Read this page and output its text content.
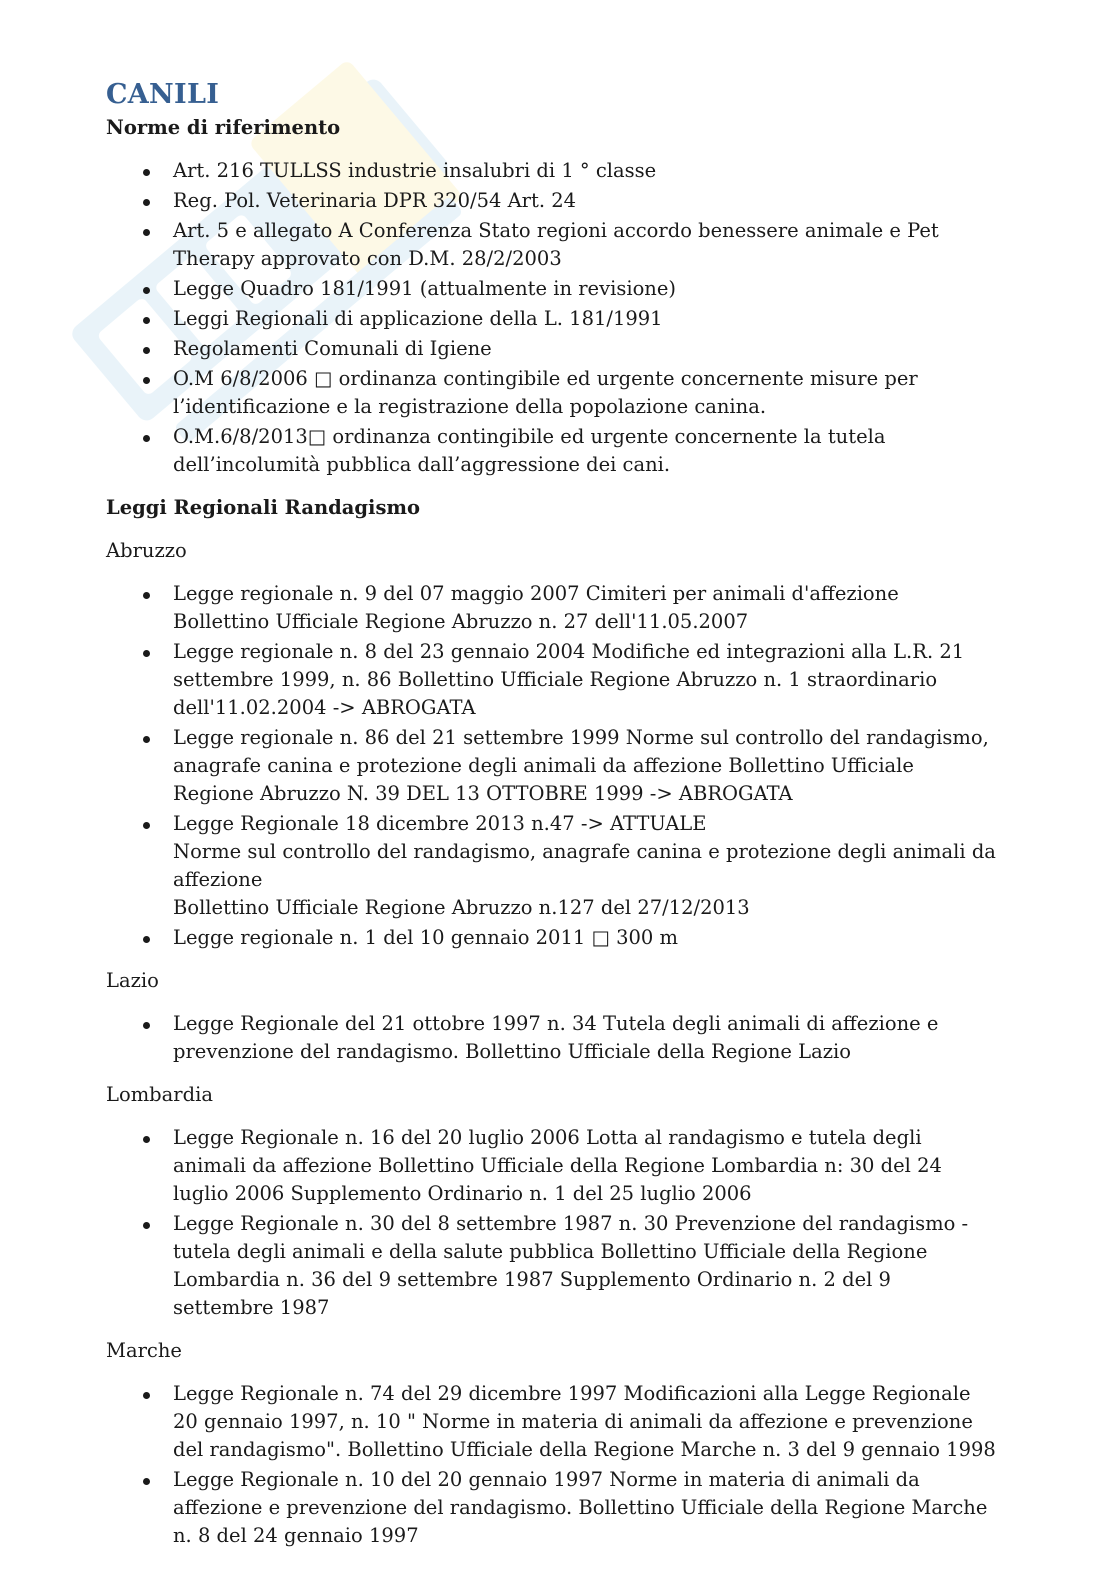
CANILI
Norme di riferimento
Art. 216 TULLSS industrie insalubri di 1 ° classe
Reg. Pol. Veterinaria DPR 320/54 Art. 24
Art. 5 e allegato A Conferenza Stato regioni accordo benessere animale e Pet Therapy approvato con D.M. 28/2/2003
Legge Quadro 181/1991 (attualmente in revisione)
Leggi Regionali di applicazione della L. 181/1991
Regolamenti Comunali di Igiene
O.M 6/8/2006 □ ordinanza contingibile ed urgente concernente misure per l’identificazione e la registrazione della popolazione canina.
O.M.6/8/2013□ ordinanza contingibile ed urgente concernente la tutela dell’incolumità pubblica dall’aggressione dei cani.
Leggi Regionali Randagismo
Abruzzo
Legge regionale n. 9 del 07 maggio 2007 Cimiteri per animali d'affezione Bollettino Ufficiale Regione Abruzzo n. 27 dell'11.05.2007
Legge regionale n. 8 del 23 gennaio 2004 Modifiche ed integrazioni alla L.R. 21 settembre 1999, n. 86 Bollettino Ufficiale Regione Abruzzo n. 1 straordinario dell'11.02.2004 -> ABROGATA
Legge regionale n. 86 del 21 settembre 1999 Norme sul controllo del randagismo, anagrafe canina e protezione degli animali da affezione Bollettino Ufficiale Regione Abruzzo N. 39 DEL 13 OTTOBRE 1999 -> ABROGATA
Legge Regionale 18 dicembre 2013 n.47 -> ATTUALE
Norme sul controllo del randagismo, anagrafe canina e protezione degli animali da affezione
Bollettino Ufficiale Regione Abruzzo n.127 del 27/12/2013
Legge regionale n. 1 del 10 gennaio 2011 □ 300 m
Lazio
Legge Regionale del 21 ottobre 1997 n. 34 Tutela degli animali di affezione e prevenzione del randagismo. Bollettino Ufficiale della Regione Lazio
Lombardia
Legge Regionale n. 16 del 20 luglio 2006 Lotta al randagismo e tutela degli animali da affezione Bollettino Ufficiale della Regione Lombardia n: 30 del 24 luglio 2006 Supplemento Ordinario n. 1 del 25 luglio 2006
Legge Regionale n. 30 del 8 settembre 1987 n. 30 Prevenzione del randagismo - tutela degli animali e della salute pubblica Bollettino Ufficiale della Regione Lombardia n. 36 del 9 settembre 1987 Supplemento Ordinario n. 2 del 9 settembre 1987
Marche
Legge Regionale n. 74 del 29 dicembre 1997 Modificazioni alla Legge Regionale 20 gennaio 1997, n. 10 " Norme in materia di animali da affezione e prevenzione del randagismo". Bollettino Ufficiale della Regione Marche n. 3 del 9 gennaio 1998
Legge Regionale n. 10 del 20 gennaio 1997 Norme in materia di animali da affezione e prevenzione del randagismo. Bollettino Ufficiale della Regione Marche n. 8 del 24 gennaio 1997
